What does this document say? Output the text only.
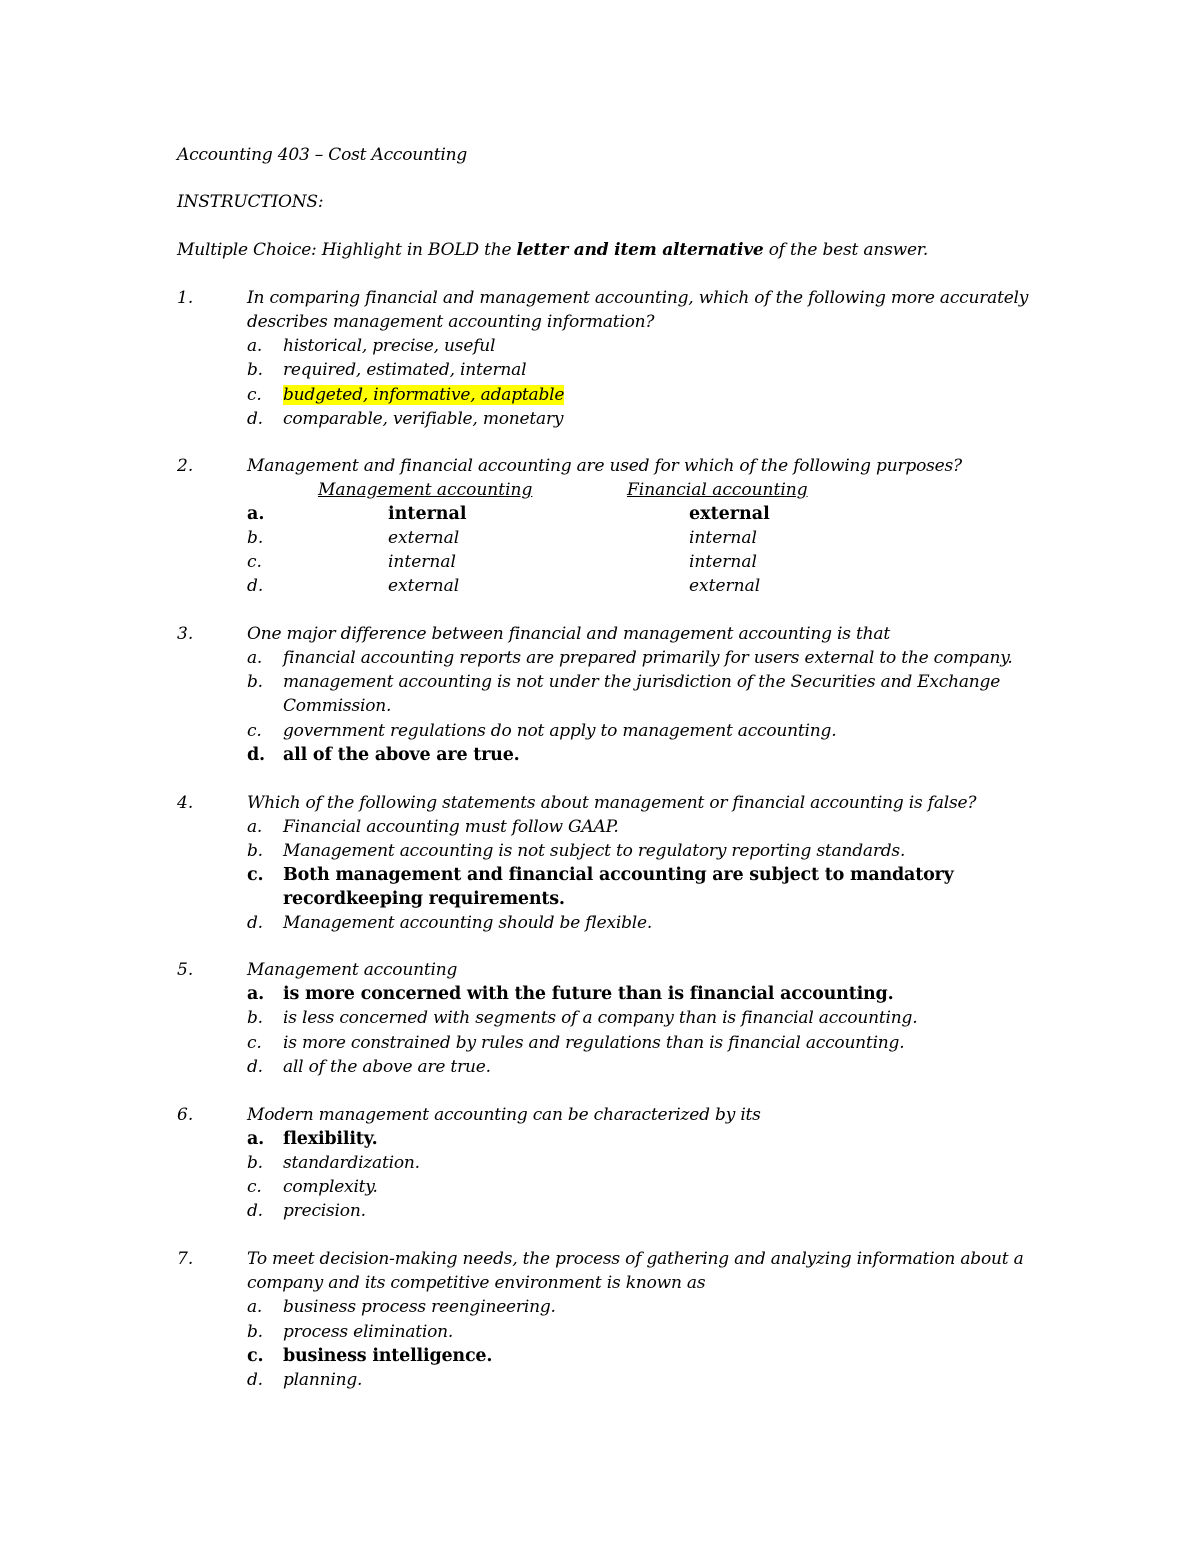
Accounting 403 – Cost Accounting
INSTRUCTIONS:
Multiple Choice: Highlight in BOLD the letter and item alternative of the best answer.
1.	In comparing financial and management accounting, which of the following more accurately
describes management accounting information?
a. historical, precise, useful
b. required, estimated, internal
c. budgeted, informative, adaptable
d. comparable, verifiable, monetary
2.	Management and financial accounting are used for which of the following purposes?
Management accounting	Financial accounting
a.	internal	external
b.	external	internal
c.	internal	internal
d.	external	external
3.	One major difference between financial and management accounting is that
a. financial accounting reports are prepared primarily for users external to the company.
b.	management accounting is not under the jurisdiction of the Securities and Exchange Commission.
c. government regulations do not apply to management accounting.
d. all of the above are true.
4.	Which of the following statements about management or financial accounting is false?
a. Financial accounting must follow GAAP.
b. Management accounting is not subject to regulatory reporting standards.
c.	Both management and financial accounting are subject to mandatory recordkeeping requirements.
d. Management accounting should be flexible.
5.	Management accounting
a. is more concerned with the future than is financial accounting.
b. is less concerned with segments of a company than is financial accounting.
c. is more constrained by rules and regulations than is financial accounting.
d. all of the above are true.
6.	Modern management accounting can be characterized by its
a. flexibility.
b. standardization.
c. complexity.
d. precision.
7.	To meet decision-making needs, the process of gathering and analyzing information about a
company and its competitive environment is known as
a. business process reengineering.
b. process elimination.
c. business intelligence.
d. planning.
